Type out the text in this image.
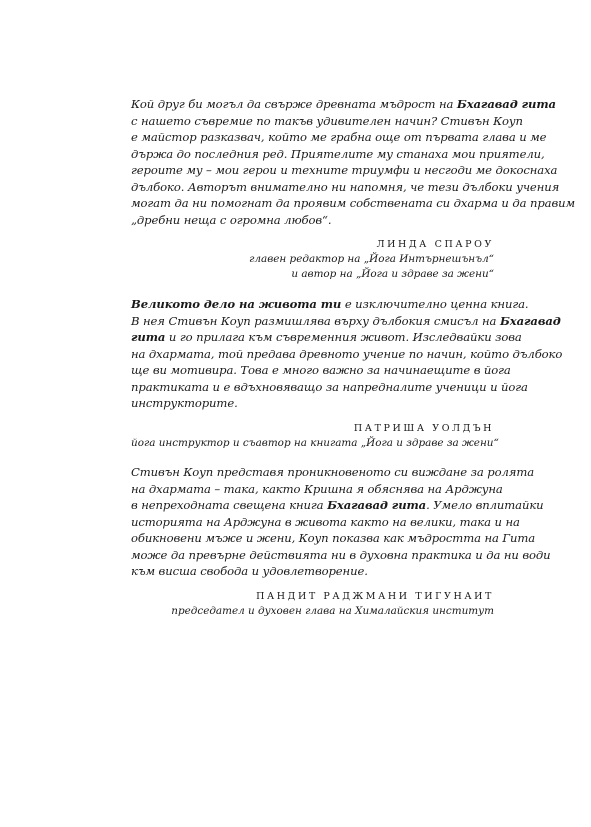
Кой друг би могъл да свърже древната мъдрост на Бхагавад гита
с нашето съвремие по такъв удивителен начин? Стивън Коуп
е майстор разказвач, който ме грабна още от първата глава и ме
държа до последния ред. Приятелите му станаха мои приятели,
героите му – мои герои и техните триумфи и несгоди ме докоснаха
дълбоко. Авторът внимателно ни напомня, че тези дълбоки учения
могат да ни помогнат да проявим собствената си дхарма и да правим
„дребни неща с огромна любов“.
ЛИНДА СПАРОУ
главен редактор на „Йога Интърнешънъл“
и автор на „Йога и здраве за жени“
Великото дело на живота ти е изключително ценна книга.
В нея Стивън Коуп размишлява върху дълбокия смисъл на Бхагавад
гита и го прилага към съвременния живот. Изследвайки зова
на дхармата, той предава древното учение по начин, който дълбоко
ще ви мотивира. Това е много важно за начинаещите в йога
практиката и е вдъхновяващо за напредналите ученици и йога
инструкторите.
ПАТРИША УОЛДЪН
йога инструктор и съавтор на книгата „Йога и здраве за жени“
Стивън Коуп представя проникновеното си виждане за ролята
на дхармата – така, както Кришна я обяснява на Арджуна
в непреходната свещена книга Бхагавад гита. Умело вплитайки
историята на Арджуна в живота както на велики, така и на
обикновени мъже и жени, Коуп показва как мъдростта на Гита
може да превърне действията ни в духовна практика и да ни води
към висша свобода и удовлетворение.
ПАНДИТ РАДЖМАНИ ТИГУНАИТ
председател и духовен глава на Хималайския институт
